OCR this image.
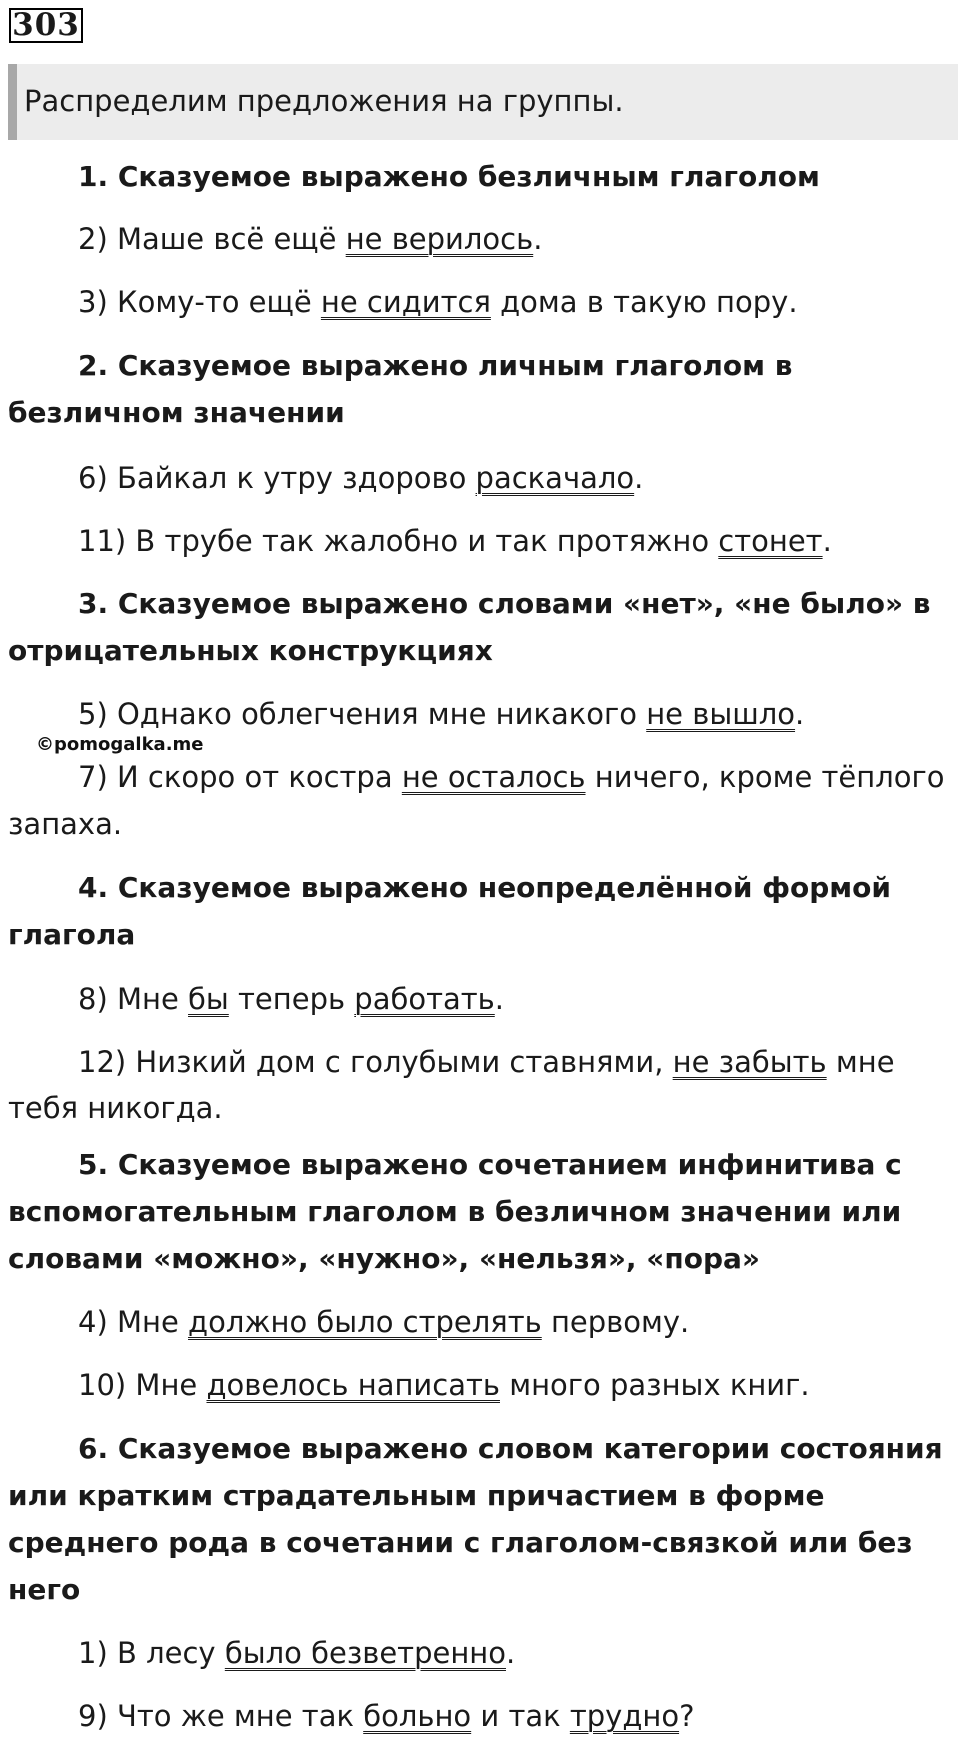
303
Распределим предложения на группы.
©pomogalka.me
1. Сказуемое выражено безличным глаголом
2) Маше всё ещё не верилось.
3) Кому-то ещё не сидится дома в такую пору.
2. Сказуемое выражено личным глаголом в
безличном значении
6) Байкал к утру здорово раскачало.
11) В трубе так жалобно и так протяжно стонет.
3. Сказуемое выражено словами «нет», «не было» в
отрицательных конструкциях
5) Однако облегчения мне никакого не вышло.
7) И скоро от костра не осталось ничего, кроме тёплого
запаха.
4. Сказуемое выражено неопределённой формой
глагола
8) Мне бы теперь работать.
12) Низкий дом с голубыми ставнями, не забыть мне
тебя никогда.
5. Сказуемое выражено сочетанием инфинитива с
вспомогательным глаголом в безличном значении или
словами «можно», «нужно», «нельзя», «пора»
4) Мне должно было стрелять первому.
10) Мне довелось написать много разных книг.
6. Сказуемое выражено словом категории состояния
или кратким страдательным причастием в форме
среднего рода в сочетании с глаголом-связкой или без
него
1) В лесу было безветренно.
9) Что же мне так больно и так трудно?
